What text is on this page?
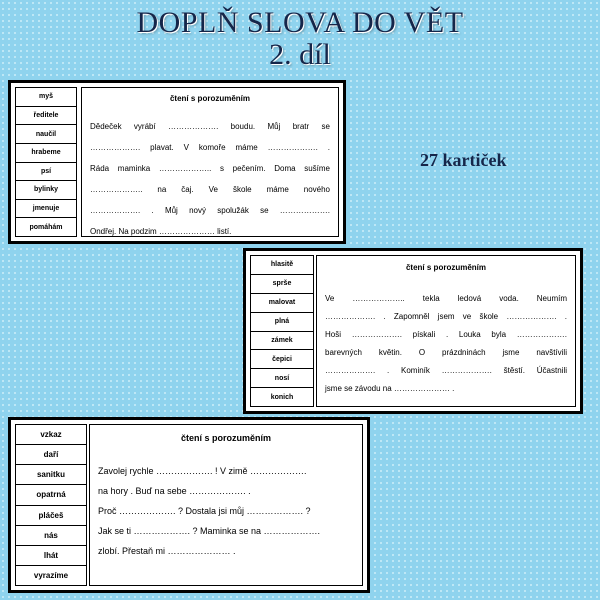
DOPLŇ SLOVA DO VĚT
2. díl
27 kartiček
myš
ředitele
naučil
hrabeme
psí
bylinky
jmenuje
pomáhám
čtení s porozuměním
Dědeček vyrábí ………………. boudu. Můj bratr se
………………. plavat. V komoře máme ………………. .
Ráda maminka ……………….. s pečením. Doma sušíme
……………….. na čaj. Ve škole máme nového
………………. . Můj nový spolužák se ……………….
Ondřej. Na podzim ………………… listí.
hlasitě
sprše
malovat
plná
zámek
čepici
nosí
konich
čtení s porozuměním
Ve ……………….. tekla ledová voda. Neumím
………………. . Zapomněl jsem ve škole ………………. .
Hoši ………………. pískali . Louka byla ……………….
barevných květin. O prázdninách jsme navštívili
………………. . Kominík ………………. štěstí. Účastnili
jsme se závodu na ………………… .
vzkaz
daří
sanitku
opatrná
pláčeš
nás
lhát
vyrazíme
čtení s porozuměním
Zavolej rychle ………………. ! V zimě ……………….
na hory . Buď na sebe ………………. .
Proč ………………. ? Dostala jsi můj ………………. ?
Jak se ti ………………. ? Maminka se na ……………….
zlobí. Přestaň mi ………………… .
